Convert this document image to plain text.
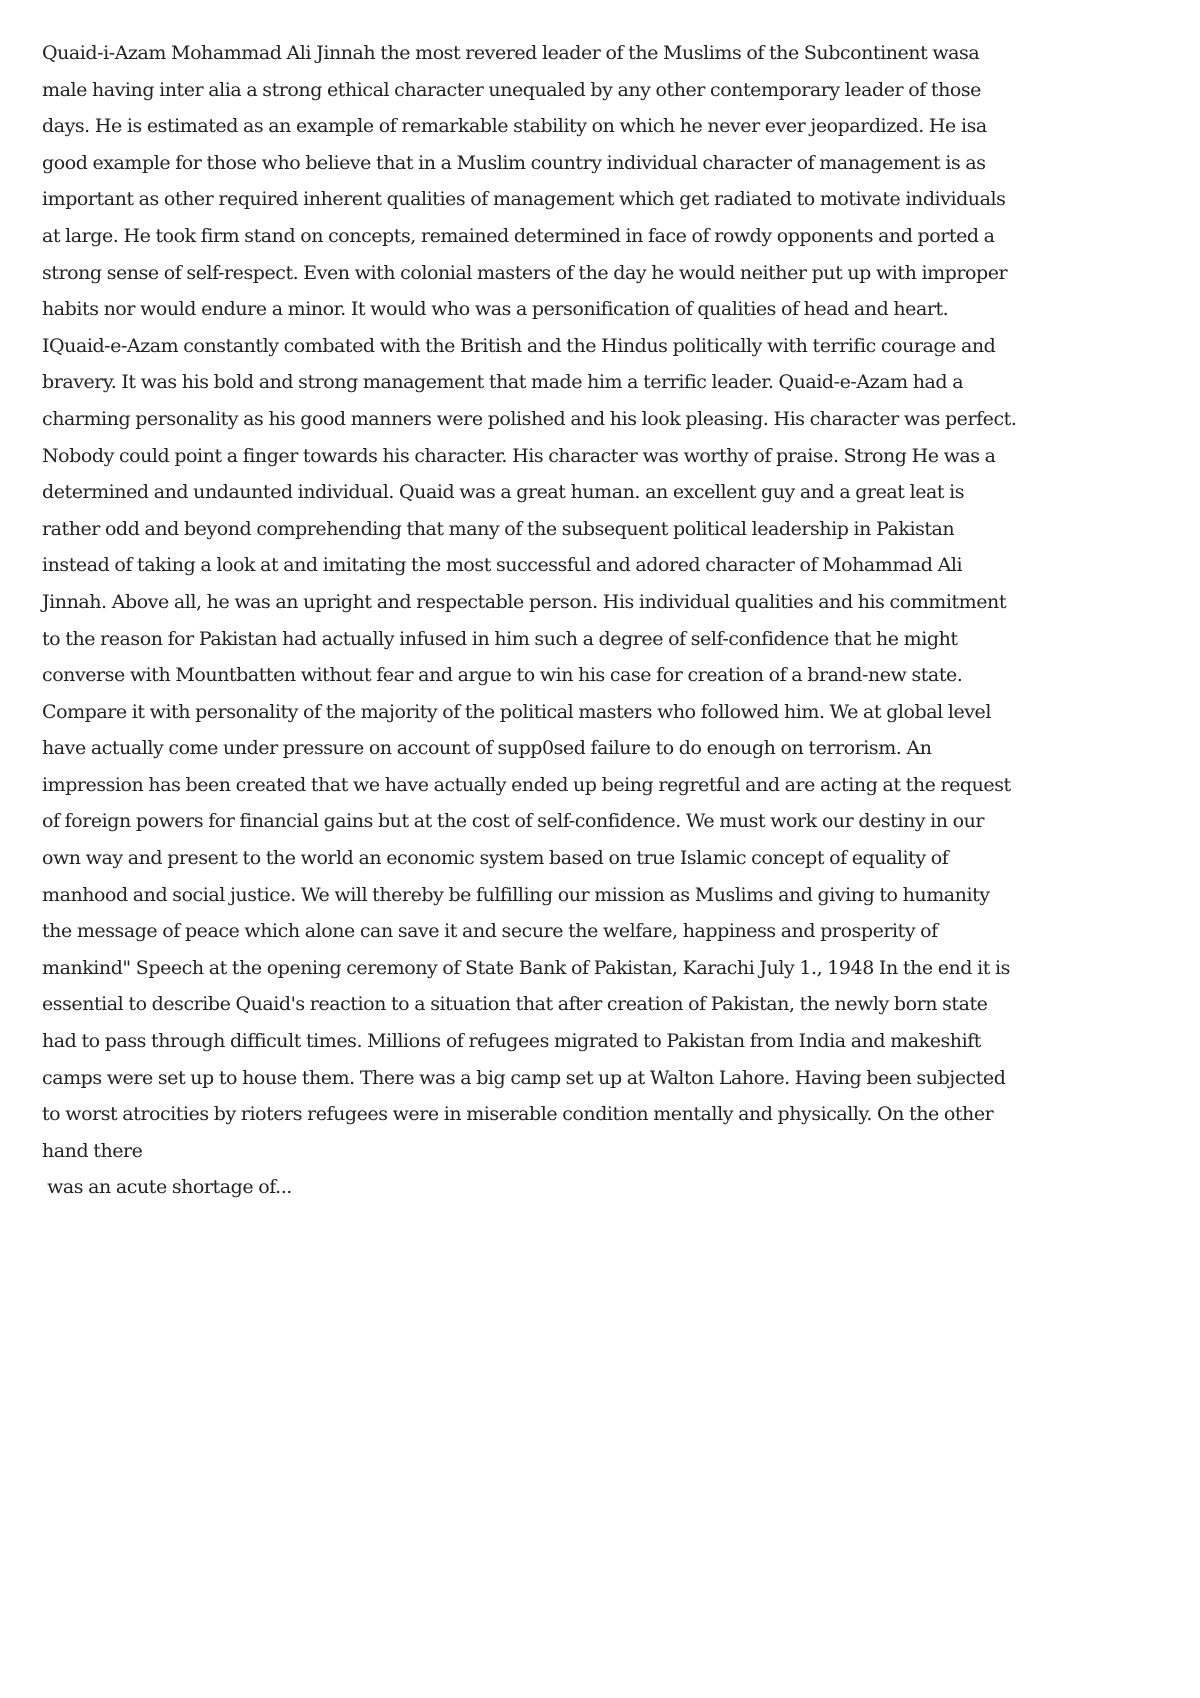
Quaid-i-Azam Mohammad Ali Jinnah the most revered leader of the Muslims of the Subcontinent wasa
male having inter alia a strong ethical character unequaled by any other contemporary leader of those
days. He is estimated as an example of remarkable stability on which he never ever jeopardized. He isa
good example for those who believe that in a Muslim country individual character of management is as
important as other required inherent qualities of management which get radiated to motivate individuals
at large. He took firm stand on concepts, remained determined in face of rowdy opponents and ported a
strong sense of self-respect. Even with colonial masters of the day he would neither put up with improper
habits nor would endure a minor. It would who was a personification of qualities of head and heart.
IQuaid-e-Azam constantly combated with the British and the Hindus politically with terrific courage and
bravery. It was his bold and strong management that made him a terrific leader. Quaid-e-Azam had a
charming personality as his good manners were polished and his look pleasing. His character was perfect.
Nobody could point a finger towards his character. His character was worthy of praise. Strong He was a
determined and undaunted individual. Quaid was a great human. an excellent guy and a great leat is
rather odd and beyond comprehending that many of the subsequent political leadership in Pakistan
instead of taking a look at and imitating the most successful and adored character of Mohammad Ali
Jinnah. Above all, he was an upright and respectable person. His individual qualities and his commitment
to the reason for Pakistan had actually infused in him such a degree of self-confidence that he might
converse with Mountbatten without fear and argue to win his case for creation of a brand-new state.
Compare it with personality of the majority of the political masters who followed him. We at global level
have actually come under pressure on account of supp0sed failure to do enough on terrorism. An
impression has been created that we have actually ended up being regretful and are acting at the request
of foreign powers for financial gains but at the cost of self-confidence. We must work our destiny in our
own way and present to the world an economic system based on true Islamic concept of equality of
manhood and social justice. We will thereby be fulfilling our mission as Muslims and giving to humanity
the message of peace which alone can save it and secure the welfare, happiness and prosperity of
mankind" Speech at the opening ceremony of State Bank of Pakistan, Karachi July 1., 1948 In the end it is
essential to describe Quaid's reaction to a situation that after creation of Pakistan, the newly born state
had to pass through difficult times. Millions of refugees migrated to Pakistan from India and makeshift
camps were set up to house them. There was a big camp set up at Walton Lahore. Having been subjected
to worst atrocities by rioters refugees were in miserable condition mentally and physically. On the other
hand there
was an acute shortage of...
